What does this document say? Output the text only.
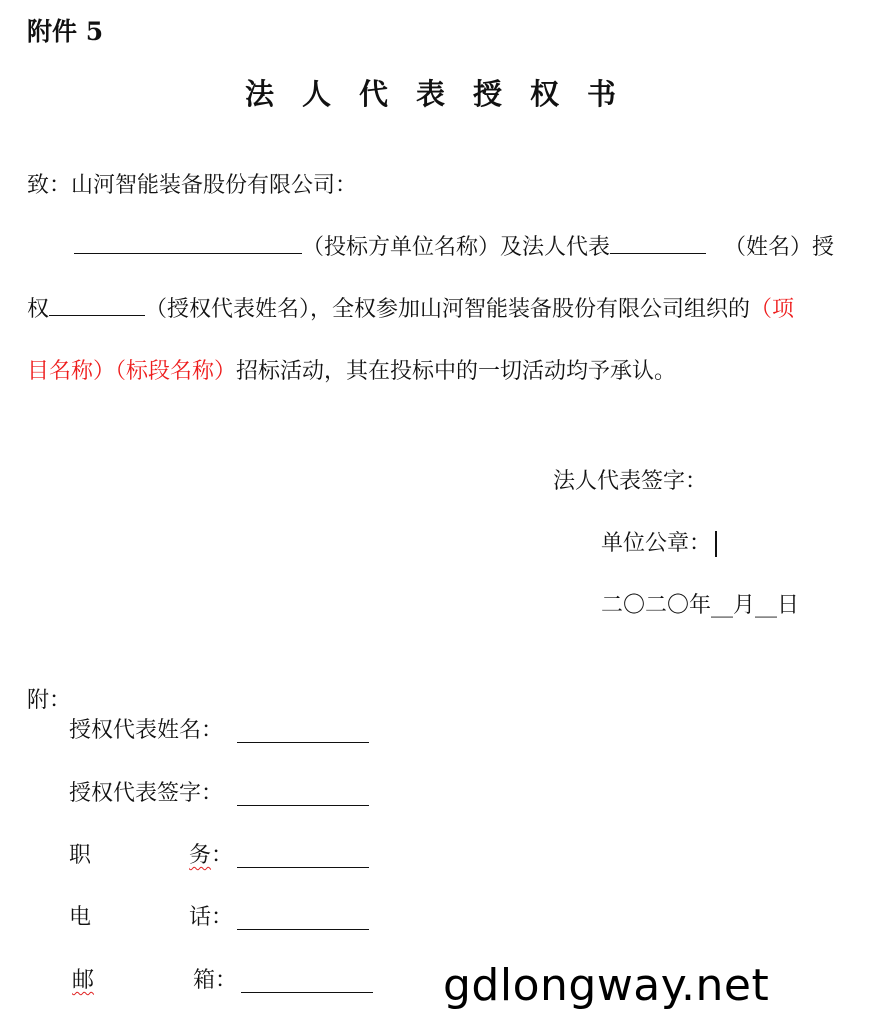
附件 5
法 人 代 表 授 权 书
致：山河智能装备股份有限公司：
（投标方单位名称）及法人代表	（姓名）授
权	（授权代表姓名），全权参加山河智能装备股份有限公司组织的（项
目名称）（标段名称）招标活动，其在投标中的一切活动均予承认。
法人代表签字：
单位公章：
二〇二〇年__月__日
附：
授权代表姓名：
授权代表签字：
职	务：
电	话：
邮	箱：	gdlongway.net
